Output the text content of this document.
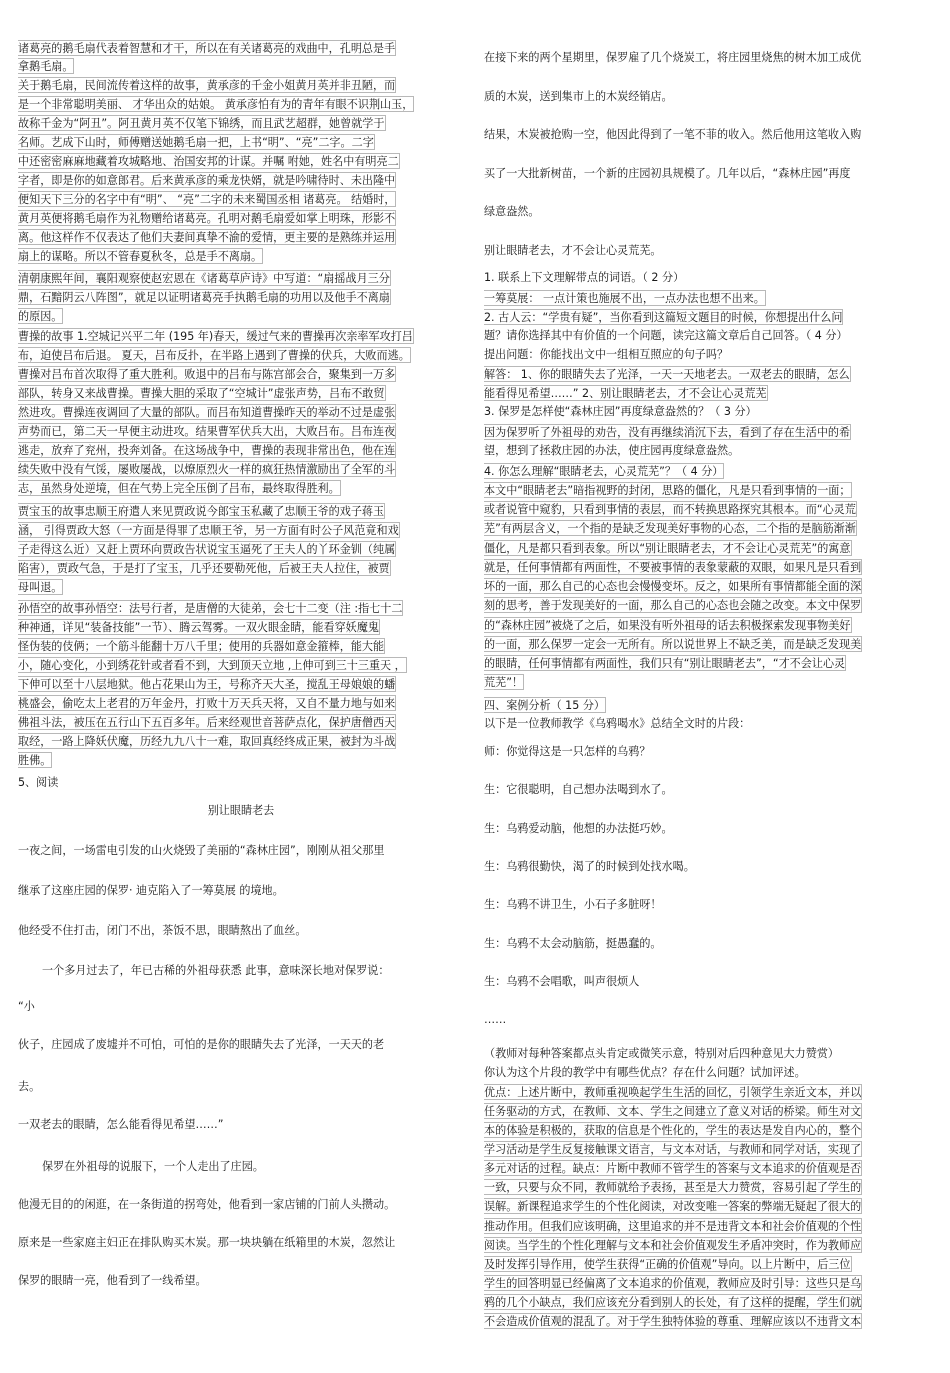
诸葛亮的鹅毛扇代表着智慧和才干，所以在有关诸葛亮的戏曲中，孔明总是手
拿鹅毛扇。
关于鹅毛扇，民间流传着这样的故事，黄承彦的千金小姐黄月英并非丑陋，而
是一个非常聪明美丽、 才华出众的姑娘。 黄承彦怕有为的青年有眼不识荆山玉，
故称千金为“阿丑”。阿丑黄月英不仅笔下锦绣，而且武艺超群，她曾就学于
名师。艺成下山时，师傅赠送她鹅毛扇一把，上书“明”、“亮”二字。二字
中还密密麻麻地藏着攻城略地、治国安邦的计谋。并嘱 咐她，姓名中有明亮二
字者，即是你的如意郎君。后来黄承彦的乘龙快婿，就是吟啸待时、未出隆中
便知天下三分的名字中有“明”、 “亮”二字的未来蜀国丞相 诸葛亮。 结婚时，
黄月英便将鹅毛扇作为礼物赠给诸葛亮。孔明对鹅毛扇爱如掌上明珠，形影不
离。他这样作不仅表达了他们夫妻间真挚不渝的爱情，更主要的是熟练并运用
扇上的谋略。所以不管春夏秋冬，总是手不离扇。
清朝康熙年间，襄阳观察使赵宏恩在《诸葛草庐诗》中写道：“扇摇战月三分
鼎，石黯阴云八阵图”，就足以证明诸葛亮手执鹅毛扇的功用以及他手不离扇
的原因。
曹操的故事 1.空城记兴平二年 (195 年)春天，缓过气来的曹操再次亲率军攻打吕
布，迫使吕布后退。 夏天，吕布反扑，在半路上遇到了曹操的伏兵，大败而逃。
曹操对吕布首次取得了重大胜利。败退中的吕布与陈宫部会合，聚集到一万多
部队，转身又来战曹操。曹操大胆的采取了“空城计”虚张声势，吕布不敢贸
然进攻。曹操连夜调回了大量的部队。而吕布知道曹操昨天的举动不过是虚张
声势而已，第二天一早便主动进攻。结果曹军伏兵大出，大败吕布。吕布连夜
逃走，放弃了兖州，投奔刘备。在这场战争中，曹操的表现非常出色，他在连
续失败中没有气馁，屡败屡战，以燎原烈火一样的疯狂热情激励出了全军的斗
志，虽然身处逆境，但在气势上完全压倒了吕布，最终取得胜利。
贾宝玉的故事忠顺王府遣人来见贾政说今郎宝玉私藏了忠顺王爷的戏子蒋玉
涵， 引得贾政大怒（一方面是得罪了忠顺王爷，另一方面有时公子风范竟和戏
子走得这么近）又赶上贾环向贾政告状说宝玉逼死了王夫人的丫环金钏（纯属
陷害），贾政气急，于是打了宝玉，几乎还要勒死他，后被王夫人拉住，被贾
母叫退。
孙悟空的故事孙悟空：法号行者，是唐僧的大徒弟，会七十二变（注 :指七十二
种神通，详见“装备技能”一节）、腾云驾雾。一双火眼金睛，能看穿妖魔鬼
怪伪装的伎俩；一个筋斗能翻十万八千里；使用的兵器如意金箍棒，能大能
小，随心变化，小到绣花针或者看不到，大到顶天立地 ,上伸可到三十三重天 ，
下伸可以至十八层地狱。他占花果山为王，号称齐天大圣，搅乱王母娘娘的蟠
桃盛会，偷吃太上老君的万年金丹，打败十万天兵天将，又自不量力地与如来
佛祖斗法，被压在五行山下五百多年。后来经观世音菩萨点化，保护唐僧西天
取经，一路上降妖伏魔，历经九九八十一难，取回真经终成正果，被封为斗战
胜佛。
5、阅读
别让眼睛老去
一夜之间，一场雷电引发的山火烧毁了美丽的“森林庄园”，刚刚从祖父那里
继承了这座庄园的保罗· 迪克陷入了一筹莫展 的境地。
他经受不住打击，闭门不出，茶饭不思，眼睛熬出了血丝。
一个多月过去了，年已古稀的外祖母获悉 此事，意味深长地对保罗说：
“小
伙子，庄园成了废墟并不可怕，可怕的是你的眼睛失去了光泽，一天天的老
去。
一双老去的眼睛，怎么能看得见希望……”
保罗在外祖母的说服下，一个人走出了庄园。
他漫无目的的闲逛，在一条街道的拐弯处，他看到一家店铺的门前人头攒动。
原来是一些家庭主妇正在排队购买木炭。那一块块躺在纸箱里的木炭，忽然让
保罗的眼睛一亮，他看到了一线希望。
在接下来的两个星期里，保罗雇了几个烧炭工，将庄园里烧焦的树木加工成优
质的木炭，送到集市上的木炭经销店。
结果，木炭被抢购一空，他因此得到了一笔不菲的收入。然后他用这笔收入购
买了一大批新树苗，一个新的庄园初具规模了。几年以后，“森林庄园”再度
绿意盎然。
别让眼睛老去，才不会让心灵荒芜。
1. 联系上下文理解带点的词语。（ 2 分）
一筹莫展： 一点计策也施展不出，一点办法也想不出来。
2. 古人云：“学贵有疑”，当你看到这篇短文题目的时候，你想提出什么问
题？请你选择其中有价值的一个问题，读完这篇文章后自己回答。（ 4 分）
提出问题：你能找出文中一组相互照应的句子吗？
解答： 1、你的眼睛失去了光泽，一天一天地老去。一双老去的眼睛，怎么
能看得见希望……” 2、别让眼睛老去，才不会让心灵荒芜
3. 保罗是怎样使“森林庄园”再度绿意盎然的？（ 3 分）
因为保罗听了外祖母的劝告，没有再继续消沉下去，看到了存在生活中的希
望，想到了拯救庄园的办法，使庄园再度绿意盎然。
4. 你怎么理解“眼睛老去，心灵荒芜”？（ 4 分）
本文中“眼睛老去”暗指视野的封闭，思路的僵化，凡是只看到事情的一面；
或者说管中窥豹，只看到事情的表层，而不转换思路探究其根本。而“心灵荒
芜”有两层含义，一个指的是缺乏发现美好事物的心态，二个指的是脑筋渐渐
僵化，凡是都只看到表象。所以“别让眼睛老去，才不会让心灵荒芜”的寓意
就是，任何事情都有两面性，不要被事情的表象蒙蔽的双眼，如果凡是只看到
坏的一面，那么自己的心态也会慢慢变坏。反之，如果所有事情都能全面的深
刻的思考，善于发现美好的一面，那么自己的心态也会随之改变。本文中保罗
的“森林庄园”被烧了之后，如果没有听外祖母的话去积极探索发现事物美好
的一面，那么保罗一定会一无所有。所以说世界上不缺乏美，而是缺乏发现美
的眼睛，任何事情都有两面性，我们只有“别让眼睛老去”，“才不会让心灵
荒芜”！
四、案例分析（ 15 分）
以下是一位教师教学《乌鸦喝水》总结全文时的片段：
师：你觉得这是一只怎样的乌鸦？
生：它很聪明，自己想办法喝到水了。
生：乌鸦爱动脑，他想的办法挺巧妙。
生：乌鸦很勤快，渴了的时候到处找水喝。
生：乌鸦不讲卫生，小石子多脏呀！
生：乌鸦不太会动脑筋，挺愚蠢的。
生：乌鸦不会唱歌，叫声很烦人
……
（教师对每种答案都点头肯定或微笑示意，特别对后四种意见大力赞赏）
你认为这个片段的教学中有哪些优点？存在什么问题？试加评述。
优点：上述片断中，教师重视唤起学生生活的回忆，引领学生亲近文本，并以
任务驱动的方式，在教师、文本、学生之间建立了意义对话的桥梁。师生对文
本的体验是积极的，获取的信息是个性化的，学生的表达是发自内心的，整个
学习活动是学生反复接触课文语言，与文本对话，与教师和同学对话，实现了
多元对话的过程。缺点：片断中教师不管学生的答案与文本追求的价值观是否
一致，只要与众不同，教师就给予表扬，甚至是大力赞赏，容易引起了学生的
误解。新课程追求学生的个性化阅读，对改变唯一答案的弊端无疑起了很大的
推动作用。但我们应该明确，这里追求的并不是违背文本和社会价值观的个性
阅读。当学生的个性化理解与文本和社会价值观发生矛盾冲突时，作为教师应
及时发挥引导作用，使学生获得“正确的价值观”导向。以上片断中，后三位
学生的回答明显已经偏离了文本追求的价值观，教师应及时引导：这些只是乌
鸦的几个小缺点，我们应该充分看到别人的长处，有了这样的提醒，学生们就
不会造成价值观的混乱了。对于学生独特体验的尊重、理解应该以不违背文本
